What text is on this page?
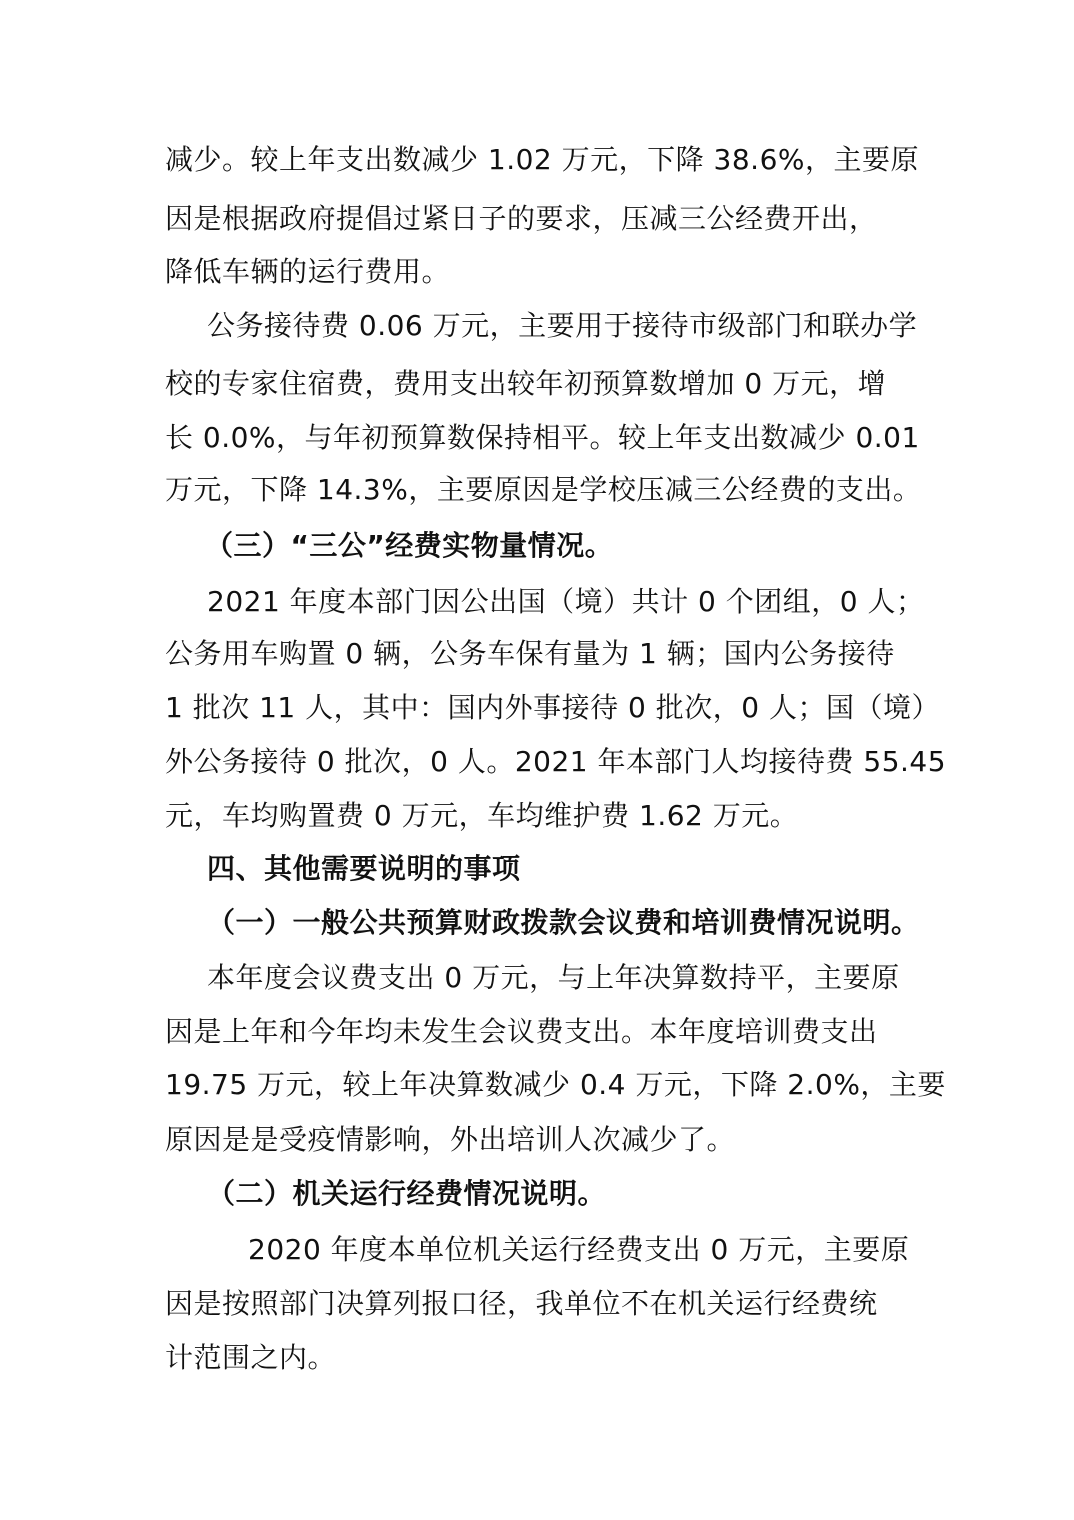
减少。较上年支出数减少 1.02 万元，下降 38.6%，主要原
因是根据政府提倡过紧日子的要求，压减三公经费开出，
降低车辆的运行费用。
公务接待费 0.06 万元，主要用于接待市级部门和联办学
校的专家住宿费，费用支出较年初预算数增加 0 万元，增
长 0.0%，与年初预算数保持相平。较上年支出数减少 0.01
万元，下降 14.3%，主要原因是学校压减三公经费的支出。
（三）“三公”经费实物量情况。
2021 年度本部门因公出国（境）共计 0 个团组，0 人；
公务用车购置 0 辆，公务车保有量为 1 辆；国内公务接待
1 批次 11 人，其中：国内外事接待 0 批次，0 人；国（境）
外公务接待 0 批次，0 人。2021 年本部门人均接待费 55.45
元，车均购置费 0 万元，车均维护费 1.62 万元。
四、其他需要说明的事项
（一）一般公共预算财政拨款会议费和培训费情况说明。
本年度会议费支出 0 万元，与上年决算数持平，主要原
因是上年和今年均未发生会议费支出。本年度培训费支出
19.75 万元，较上年决算数减少 0.4 万元，下降 2.0%，主要
原因是是受疫情影响，外出培训人次减少了。
（二）机关运行经费情况说明。
2020 年度本单位机关运行经费支出 0 万元，主要原
因是按照部门决算列报口径，我单位不在机关运行经费统
计范围之内。
